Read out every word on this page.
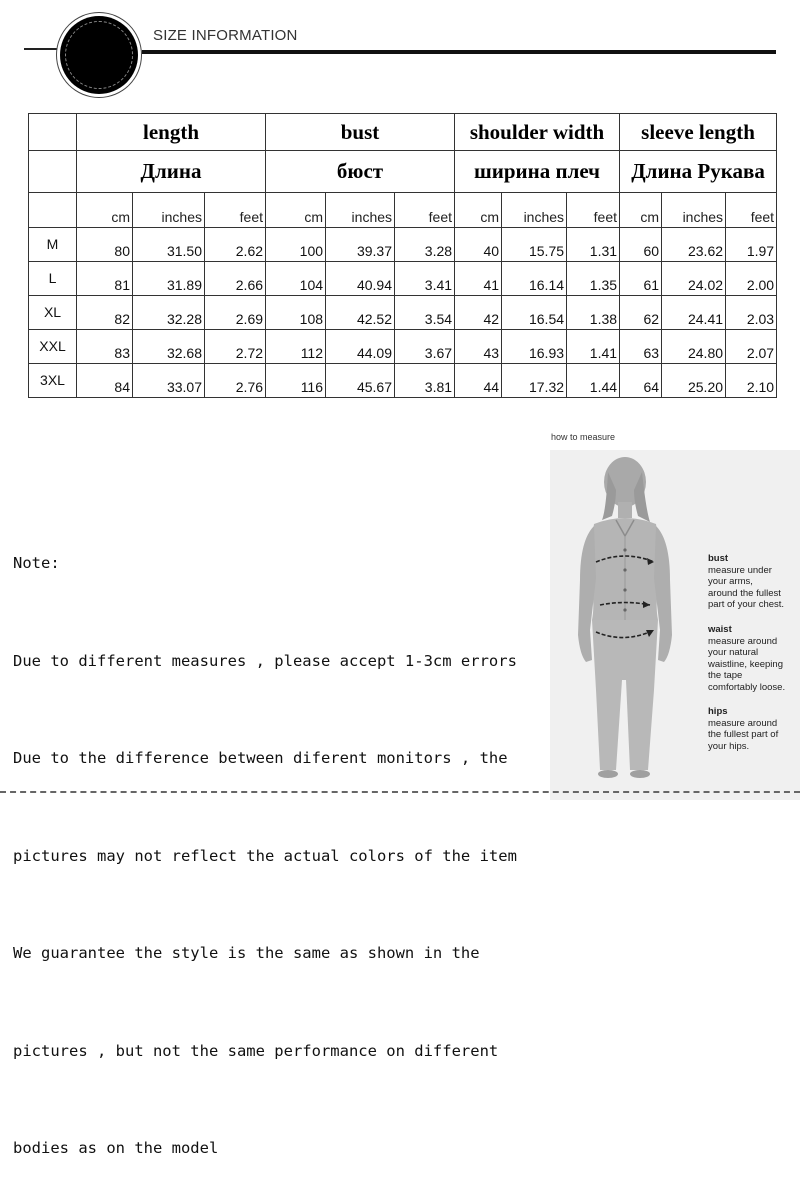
SIZE INFORMATION
	length			bust			shoulder width			sleeve length		
	Длина			бюст			ширина плеч			Длина Рукава		
	cm	inches	feet	cm	inches	feet	cm	inches	feet	cm	inches	feet
M	80	31.50	2.62	100	39.37	3.28	40	15.75	1.31	60	23.62	1.97
L	81	31.89	2.66	104	40.94	3.41	41	16.14	1.35	61	24.02	2.00
XL	82	32.28	2.69	108	42.52	3.54	42	16.54	1.38	62	24.41	2.03
XXL	83	32.68	2.72	112	44.09	3.67	43	16.93	1.41	63	24.80	2.07
3XL	84	33.07	2.76	116	45.67	3.81	44	17.32	1.44	64	25.20	2.10

Note:

Due to different measures , please accept 1-3cm errors

Due to the difference between diferent monitors , the

pictures may not reflect the actual colors of the item

We guarantee the style is the same as shown in the

pictures , but not the same performance on different

bodies as on the model

how to measure
bust
measure under
your arms,
around the fullest
part of your chest.
waist
measure around
your natural
waistline, keeping
the tape
comfortably loose.
hips
measure around
the fullest part of
your hips.
